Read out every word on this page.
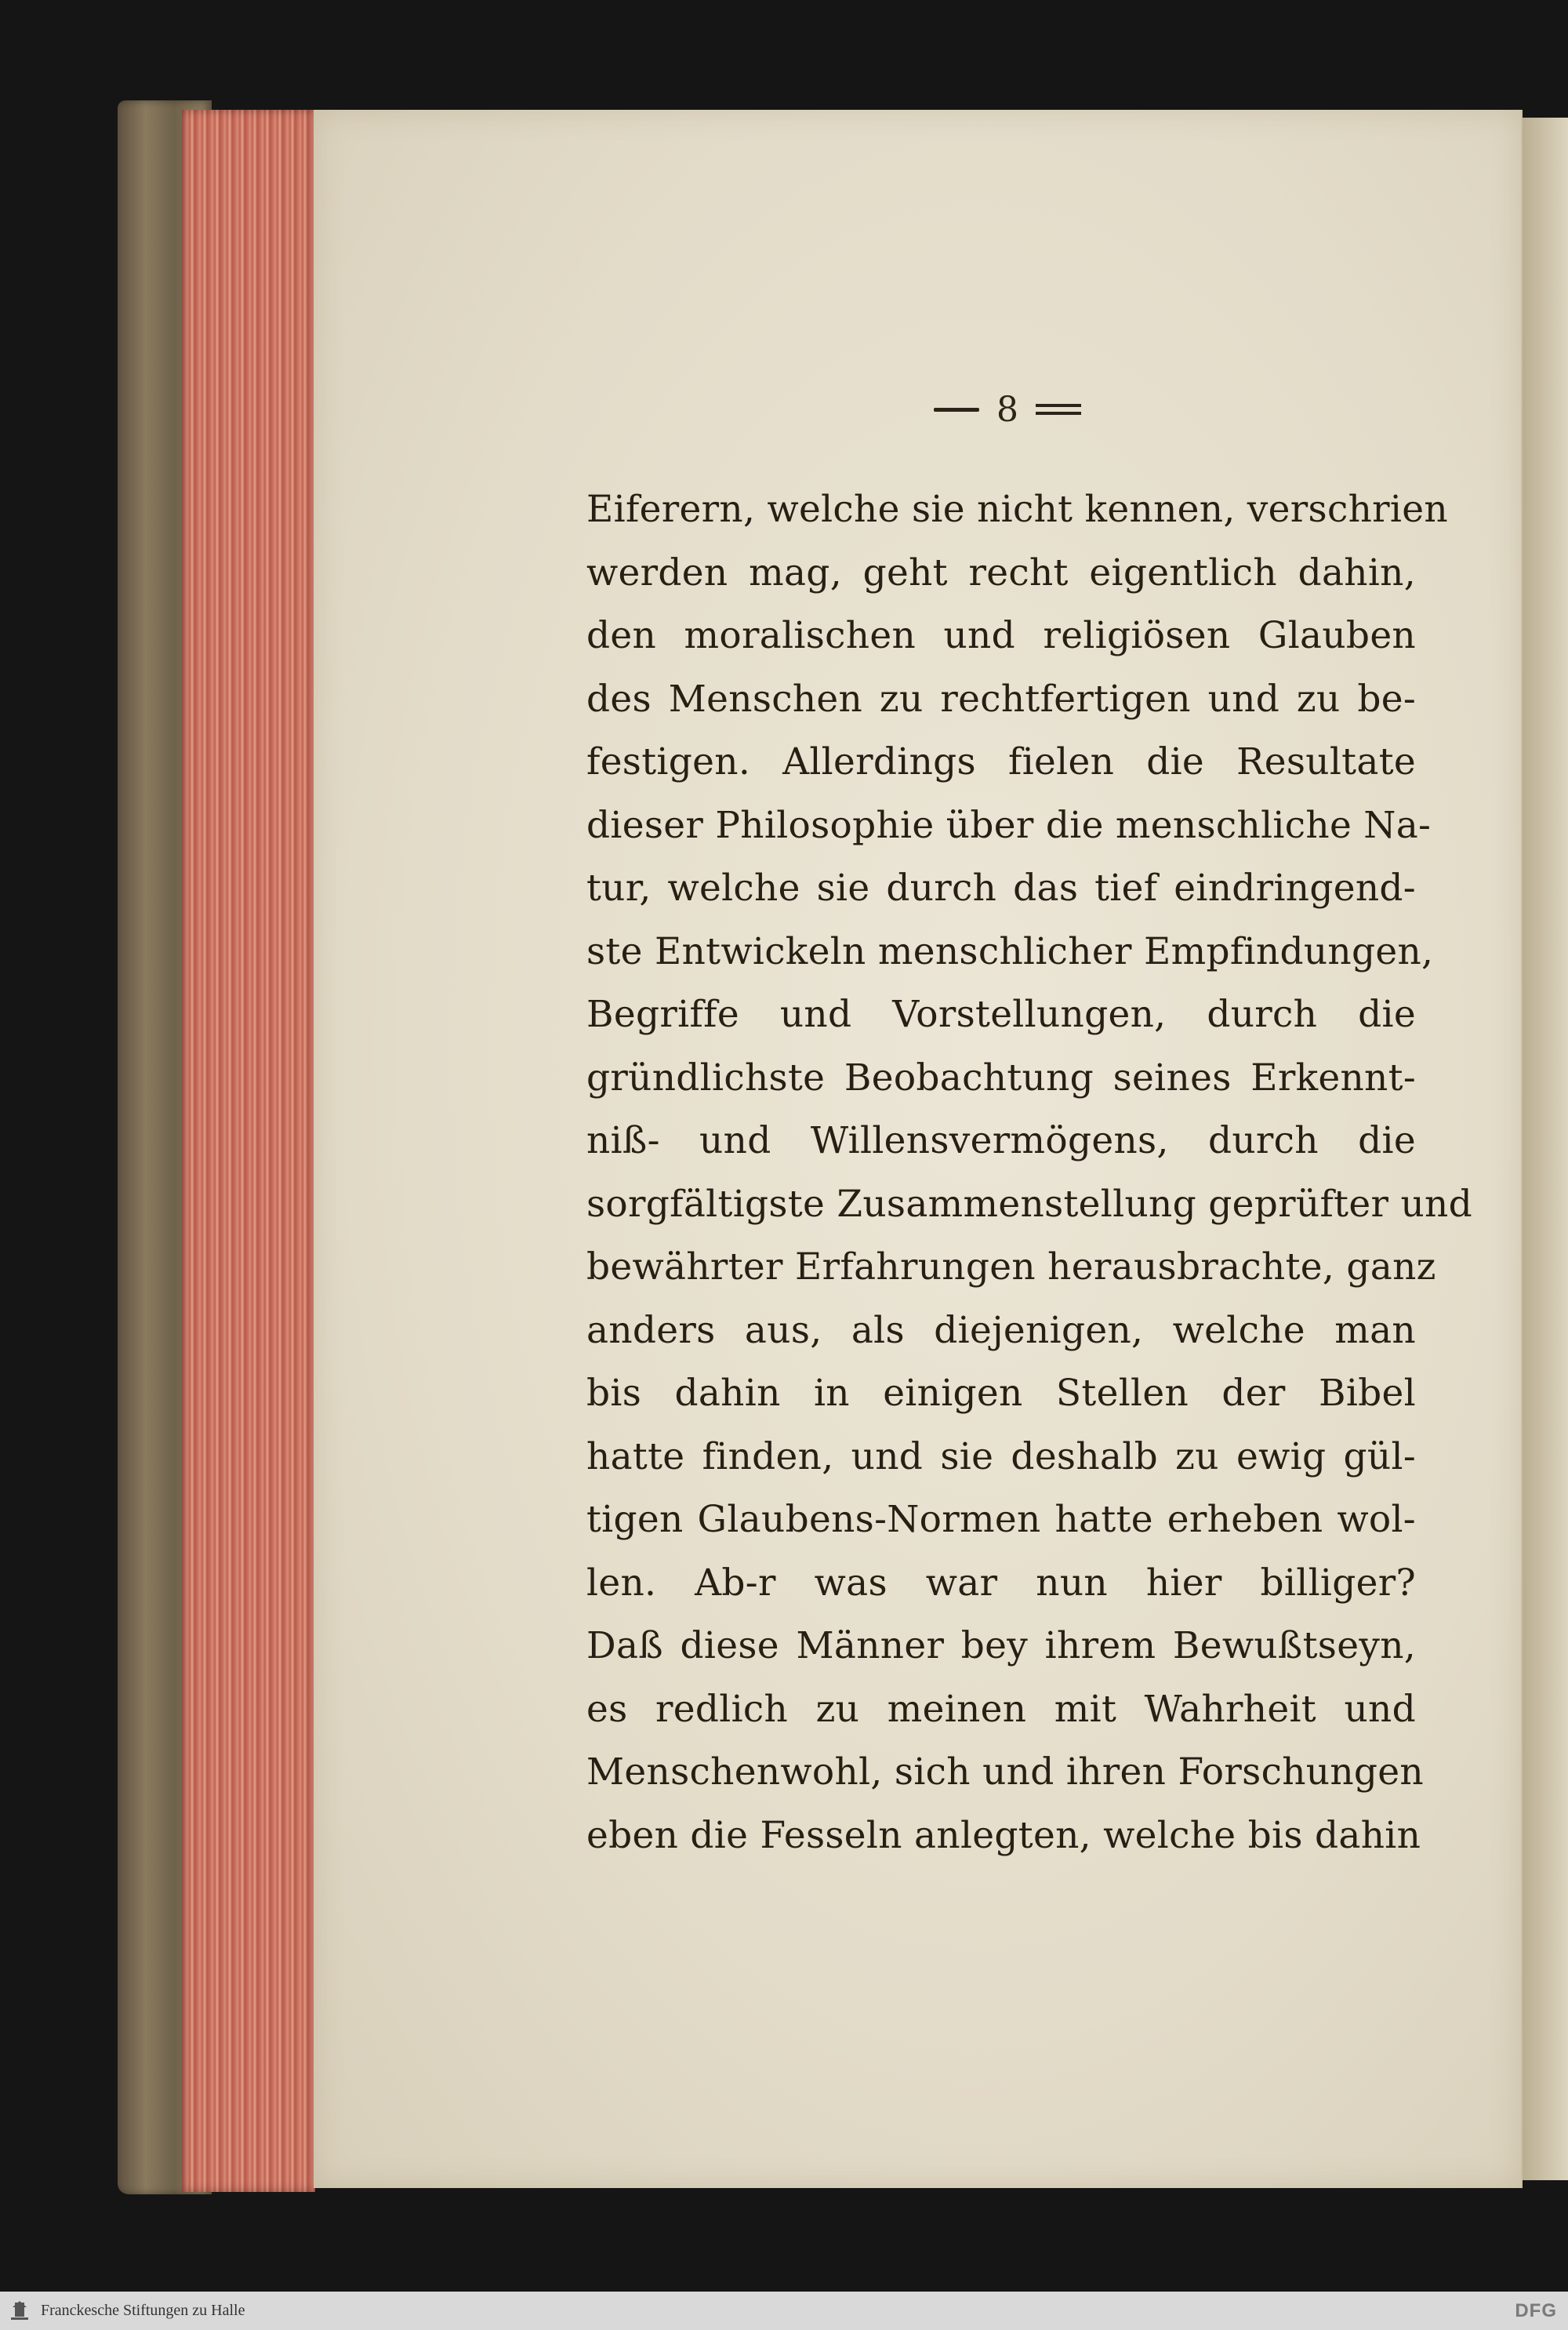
8
Eiferern, welche sie nicht kennen, verschrien
werden mag, geht recht eigentlich dahin,
den moralischen und religiösen Glauben
des Menschen zu rechtfertigen und zu be-
festigen. Allerdings fielen die Resultate
dieser Philosophie über die menschliche Na-
tur, welche sie durch das tief eindringend-
ste Entwickeln menschlicher Empfindungen,
Begriffe und Vorstellungen, durch die
gründlichste Beobachtung seines Erkennt-
niß- und Willensvermögens, durch die
sorgfältigste Zusammenstellung geprüfter und
bewährter Erfahrungen herausbrachte, ganz
anders aus, als diejenigen, welche man
bis dahin in einigen Stellen der Bibel
hatte finden, und sie deshalb zu ewig gül-
tigen Glaubens-Normen hatte erheben wol-
len. Ab-r was war nun hier billiger?
Daß diese Männer bey ihrem Bewußtseyn,
es redlich zu meinen mit Wahrheit und
Menschenwohl, sich und ihren Forschungen
eben die Fesseln anlegten, welche bis dahin
Franckesche Stiftungen zu Halle	DFG
